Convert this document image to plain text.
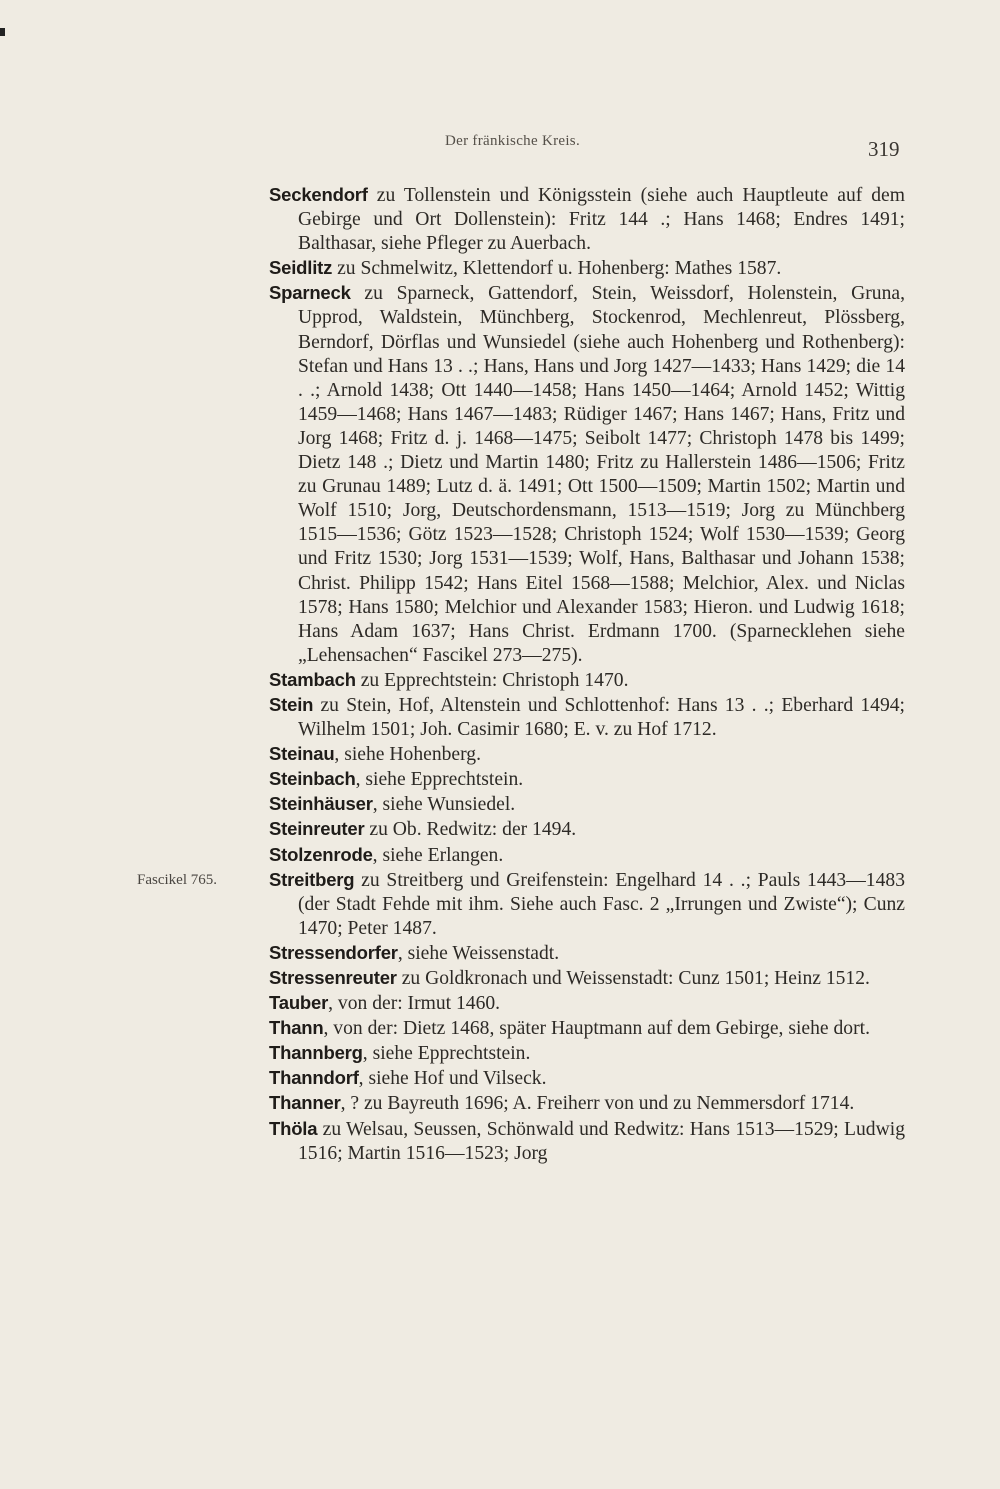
Der fränkische Kreis.	319

Seckendorf zu Tollenstein und Königsstein (siehe auch Hauptleute auf dem Gebirge und Ort Dollenstein): Fritz 144 .; Hans 1468; Endres 1491; Balthasar, siehe Pfleger zu Auerbach.

Seidlitz zu Schmelwitz, Klettendorf u. Hohenberg: Mathes 1587.

Sparneck zu Sparneck, Gattendorf, Stein, Weissdorf, Holenstein, Gruna, Upprod, Waldstein, Münchberg, Stockenrod, Mechlenreut, Plössberg, Berndorf, Dörflas und Wunsiedel (siehe auch Hohenberg und Rothenberg): Stefan und Hans 13 . .; Hans, Hans und Jorg 1427—1433; Hans 1429; die 14 . .; Arnold 1438; Ott 1440—1458; Hans 1450—1464; Arnold 1452; Wittig 1459—1468; Hans 1467—1483; Rüdiger 1467; Hans 1467; Hans, Fritz und Jorg 1468; Fritz d. j. 1468—1475; Seibolt 1477; Christoph 1478 bis 1499; Dietz 148 .; Dietz und Martin 1480; Fritz zu Hallerstein 1486—1506; Fritz zu Grunau 1489; Lutz d. ä. 1491; Ott 1500—1509; Martin 1502; Martin und Wolf 1510; Jorg, Deutschordensmann, 1513—1519; Jorg zu Münchberg 1515—1536; Götz 1523—1528; Christoph 1524; Wolf 1530—1539; Georg und Fritz 1530; Jorg 1531—1539; Wolf, Hans, Balthasar und Johann 1538; Christ. Philipp 1542; Hans Eitel 1568—1588; Melchior, Alex. und Niclas 1578; Hans 1580; Melchior und Alexander 1583; Hieron. und Ludwig 1618; Hans Adam 1637; Hans Christ. Erdmann 1700. (Sparnecklehen siehe „Lehensachen“ Fascikel 273—275).

Stambach zu Epprechtstein: Christoph 1470.

Stein zu Stein, Hof, Altenstein und Schlottenhof: Hans 13 . .; Eberhard 1494; Wilhelm 1501; Joh. Casimir 1680; E. v. zu Hof 1712.

Steinau, siehe Hohenberg.

Steinbach, siehe Epprechtstein.

Steinhäuser, siehe Wunsiedel.

Steinreuter zu Ob. Redwitz: der 1494.

Stolzenrode, siehe Erlangen.

Fascikel 765.	Streitberg zu Streitberg und Greifenstein: Engelhard 14 . .; Pauls 1443—1483 (der Stadt Fehde mit ihm. Siehe auch Fasc. 2 „Irrungen und Zwiste“); Cunz 1470; Peter 1487.

Stressendorfer, siehe Weissenstadt.

Stressenreuter zu Goldkronach und Weissenstadt: Cunz 1501; Heinz 1512.

Tauber, von der: Irmut 1460.

Thann, von der: Dietz 1468, später Hauptmann auf dem Gebirge, siehe dort.

Thannberg, siehe Epprechtstein.

Thanndorf, siehe Hof und Vilseck.

Thanner, ? zu Bayreuth 1696; A. Freiherr von und zu Nemmersdorf 1714.

Thöla zu Welsau, Seussen, Schönwald und Redwitz: Hans 1513—1529; Ludwig 1516; Martin 1516—1523; Jorg
